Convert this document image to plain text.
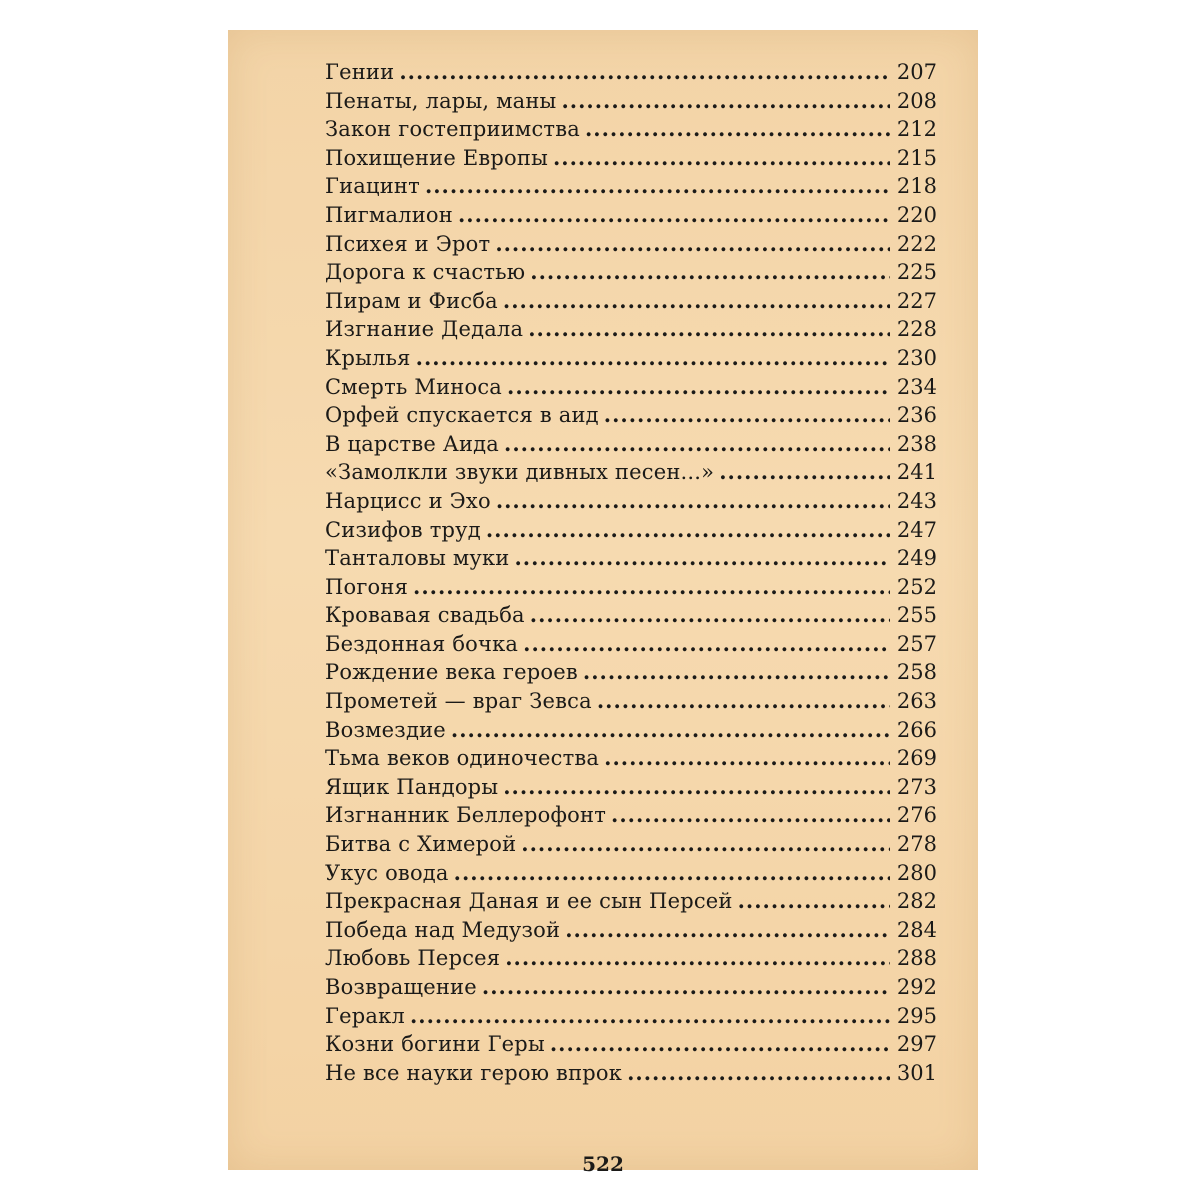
Гении .....	207
Пенаты, лары, маны .....	208
Закон гостеприимства .....	212
Похищение Европы .....	215
Гиацинт .....	218
Пигмалион .....	220
Психея и Эрот .....	222
Дорога к счастью .....	225
Пирам и Фисба .....	227
Изгнание Дедала .....	228
Крылья .....	230
Смерть Миноса .....	234
Орфей спускается в аид .....	236
В царстве Аида .....	238
«Замолкли звуки дивных песен...» .....	241
Нарцисс и Эхо .....	243
Сизифов труд .....	247
Танталовы муки .....	249
Погоня .....	252
Кровавая свадьба .....	255
Бездонная бочка .....	257
Рождение века героев .....	258
Прометей — враг Зевса .....	263
Возмездие .....	266
Тьма веков одиночества .....	269
Ящик Пандоры .....	273
Изгнанник Беллерофонт .....	276
Битва с Химерой .....	278
Укус овода .....	280
Прекрасная Даная и ее сын Персей .....	282
Победа над Медузой .....	284
Любовь Персея .....	288
Возвращение .....	292
Геракл .....	295
Козни богини Геры .....	297
Не все науки герою впрок .....	301
522
